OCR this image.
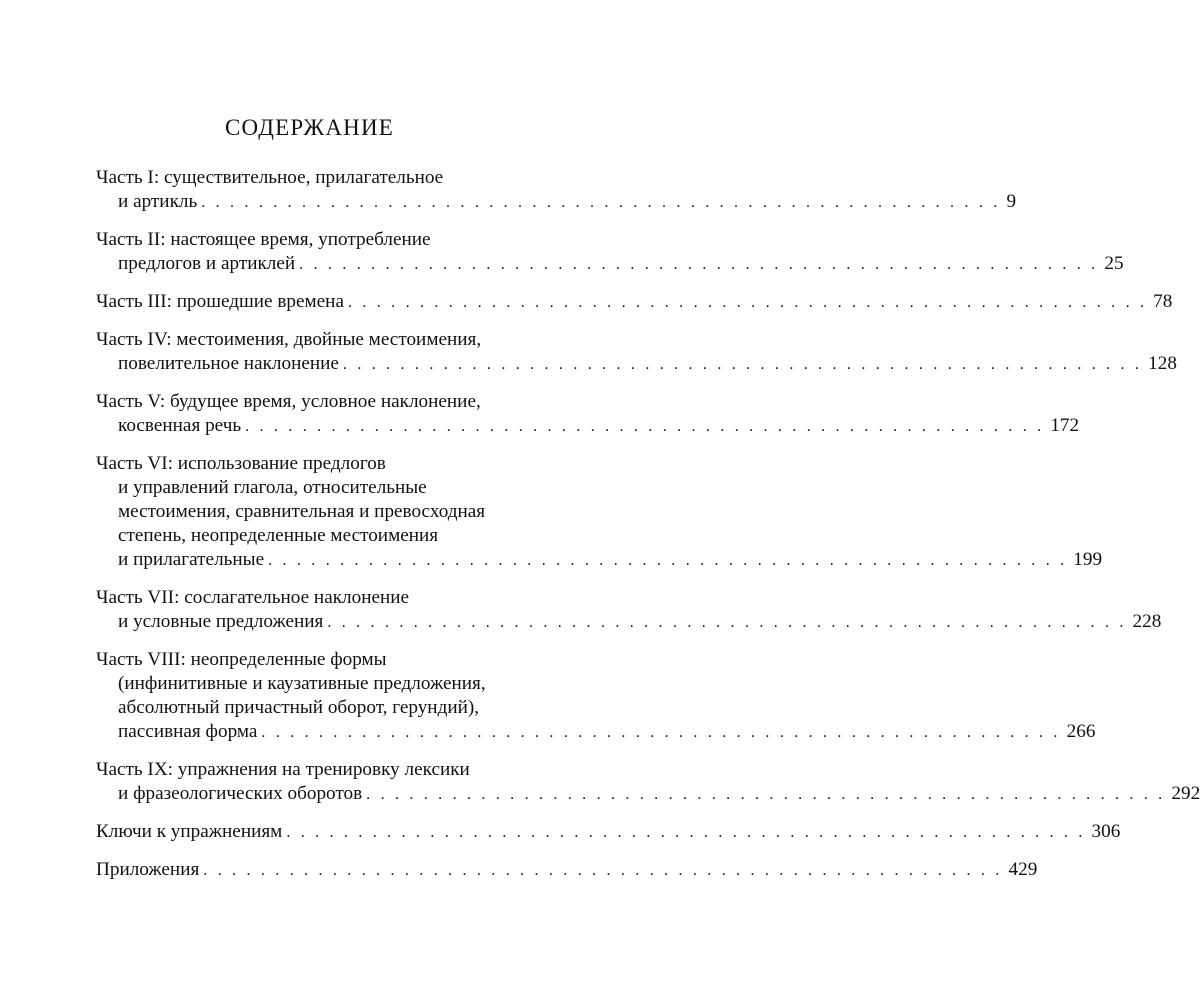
СОДЕРЖАНИЕ
Часть I: существительное, прилагательное
и артикль . . . . . . . . . . . . . . . . . . . . . . . . . . . . . . . . . . . . . . . . . . . . . . . . . . . . . . . . 9
Часть II: настоящее время, употребление
предлогов и артиклей . . . . . . . . . . . . . . . . . . . . . . . . . . . . . . . . . . . . . . . . . . . . . . . . . . . . . . . . 25
Часть III: прошедшие времена . . . . . . . . . . . . . . . . . . . . . . . . . . . . . . . . . . . . . . . . . . . . . . . . . . . . . . . . 78
Часть IV: местоимения, двойные местоимения,
повелительное наклонение . . . . . . . . . . . . . . . . . . . . . . . . . . . . . . . . . . . . . . . . . . . . . . . . . . . . . . . . 128
Часть V: будущее время, условное наклонение,
косвенная речь . . . . . . . . . . . . . . . . . . . . . . . . . . . . . . . . . . . . . . . . . . . . . . . . . . . . . . . . 172
Часть VI: использование предлогов
и управлений глагола, относительные
местоимения, сравнительная и превосходная
степень, неопределенные местоимения
и прилагательные . . . . . . . . . . . . . . . . . . . . . . . . . . . . . . . . . . . . . . . . . . . . . . . . . . . . . . . . 199
Часть VII: сослагательное наклонение
и условные предложения . . . . . . . . . . . . . . . . . . . . . . . . . . . . . . . . . . . . . . . . . . . . . . . . . . . . . . . . 228
Часть VIII: неопределенные формы
(инфинитивные и каузативные предложения,
абсолютный причастный оборот, герундий),
пассивная форма . . . . . . . . . . . . . . . . . . . . . . . . . . . . . . . . . . . . . . . . . . . . . . . . . . . . . . . . 266
Часть IX: упражнения на тренировку лексики
и фразеологических оборотов . . . . . . . . . . . . . . . . . . . . . . . . . . . . . . . . . . . . . . . . . . . . . . . . . . . . . . . . 292
Ключи к упражнениям . . . . . . . . . . . . . . . . . . . . . . . . . . . . . . . . . . . . . . . . . . . . . . . . . . . . . . . . 306
Приложения . . . . . . . . . . . . . . . . . . . . . . . . . . . . . . . . . . . . . . . . . . . . . . . . . . . . . . . . 429
